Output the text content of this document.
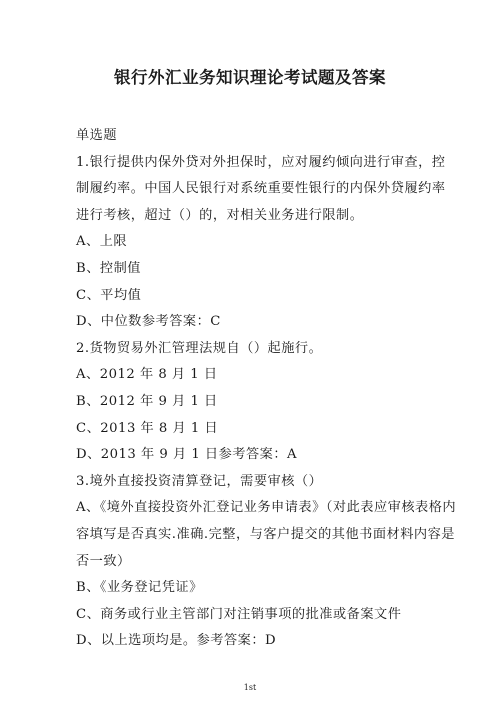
银行外汇业务知识理论考试题及答案
单选题
1.银行提供内保外贷对外担保时，应对履约倾向进行审查，控
制履约率。中国人民银行对系统重要性银行的内保外贷履约率
进行考核，超过（）的，对相关业务进行限制。
A、上限
B、控制值
C、平均值
D、中位数参考答案：C
2.货物贸易外汇管理法规自（）起施行。
A、2012 年 8 月 1 日
B、2012 年 9 月 1 日
C、2013 年 8 月 1 日
D、2013 年 9 月 1 日参考答案：A
3.境外直接投资清算登记，需要审核（）
A、《境外直接投资外汇登记业务申请表》（对此表应审核表格内
容填写是否真实.准确.完整，与客户提交的其他书面材料内容是
否一致）
B、《业务登记凭证》
C、商务或行业主管部门对注销事项的批准或备案文件
D、以上选项均是。参考答案：D
1st
